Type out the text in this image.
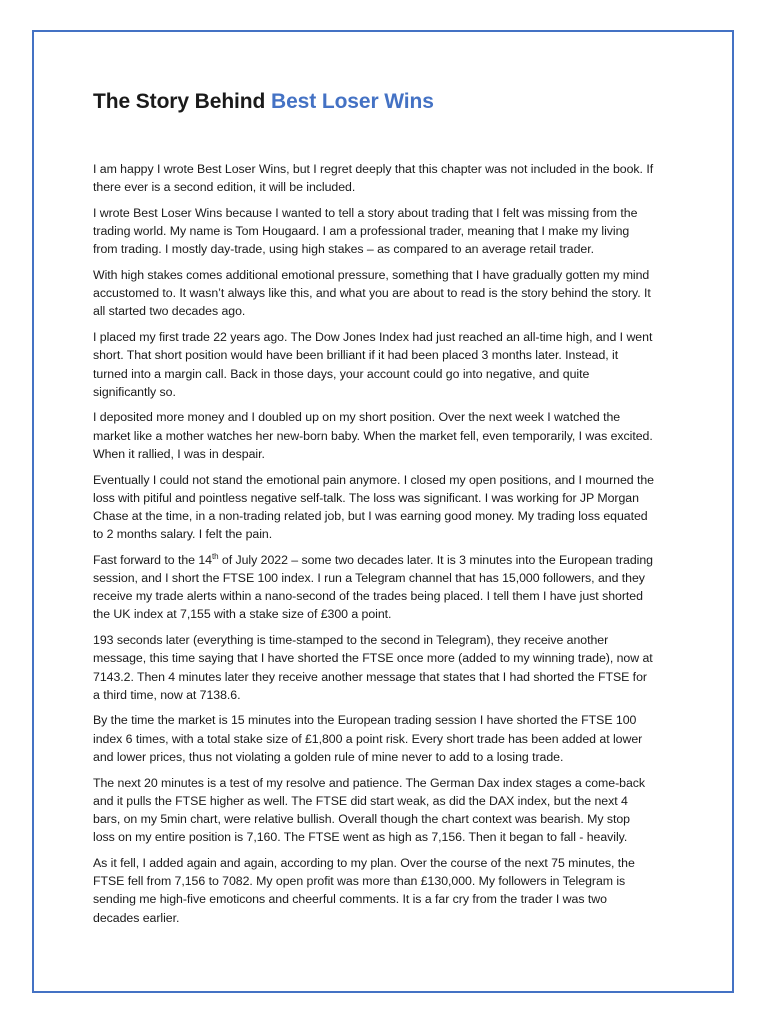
The Story Behind Best Loser Wins

I am happy I wrote Best Loser Wins, but I regret deeply that this chapter was not included in the book. If there ever is a second edition, it will be included.

I wrote Best Loser Wins because I wanted to tell a story about trading that I felt was missing from the trading world. My name is Tom Hougaard. I am a professional trader, meaning that I make my living from trading. I mostly day-trade, using high stakes – as compared to an average retail trader.

With high stakes comes additional emotional pressure, something that I have gradually gotten my mind accustomed to. It wasn’t always like this, and what you are about to read is the story behind the story. It all started two decades ago.

I placed my first trade 22 years ago. The Dow Jones Index had just reached an all-time high, and I went short. That short position would have been brilliant if it had been placed 3 months later. Instead, it turned into a margin call. Back in those days, your account could go into negative, and quite significantly so.

I deposited more money and I doubled up on my short position. Over the next week I watched the market like a mother watches her new-born baby. When the market fell, even temporarily, I was excited. When it rallied, I was in despair.

Eventually I could not stand the emotional pain anymore. I closed my open positions, and I mourned the loss with pitiful and pointless negative self-talk. The loss was significant. I was working for JP Morgan Chase at the time, in a non-trading related job, but I was earning good money. My trading loss equated to 2 months salary. I felt the pain.

Fast forward to the 14th of July 2022 – some two decades later. It is 3 minutes into the European trading session, and I short the FTSE 100 index. I run a Telegram channel that has 15,000 followers, and they receive my trade alerts within a nano-second of the trades being placed. I tell them I have just shorted the UK index at 7,155 with a stake size of £300 a point.

193 seconds later (everything is time-stamped to the second in Telegram), they receive another message, this time saying that I have shorted the FTSE once more (added to my winning trade), now at 7143.2. Then 4 minutes later they receive another message that states that I had shorted the FTSE for a third time, now at 7138.6.

By the time the market is 15 minutes into the European trading session I have shorted the FTSE 100 index 6 times, with a total stake size of £1,800 a point risk. Every short trade has been added at lower and lower prices, thus not violating a golden rule of mine never to add to a losing trade.

The next 20 minutes is a test of my resolve and patience. The German Dax index stages a come-back and it pulls the FTSE higher as well. The FTSE did start weak, as did the DAX index, but the next 4 bars, on my 5min chart, were relative bullish. Overall though the chart context was bearish. My stop loss on my entire position is 7,160. The FTSE went as high as 7,156. Then it began to fall - heavily.

As it fell, I added again and again, according to my plan. Over the course of the next 75 minutes, the FTSE fell from 7,156 to 7082. My open profit was more than £130,000. My followers in Telegram is sending me high-five emoticons and cheerful comments. It is a far cry from the trader I was two decades earlier.
